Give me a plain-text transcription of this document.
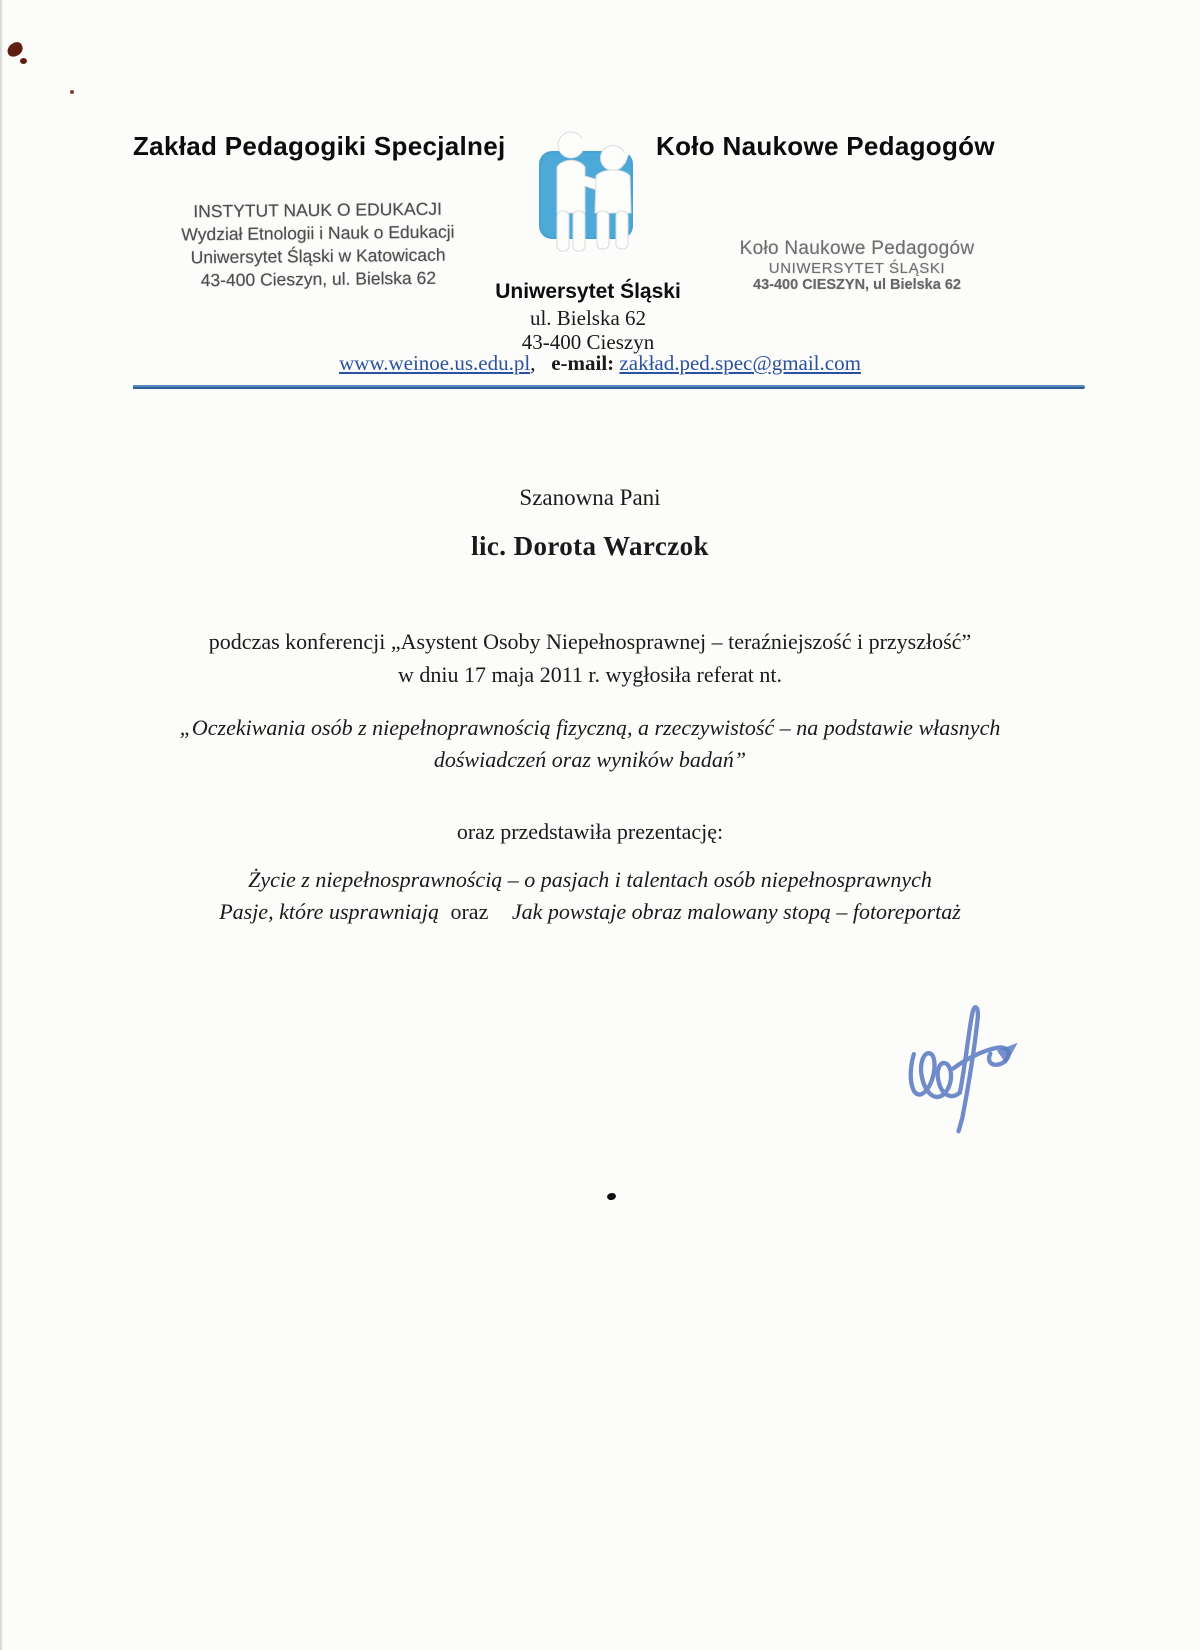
Zakład Pedagogiki Specjalnej	Koło Naukowe Pedagogów
INSTYTUT NAUK O EDUKACJI
Wydział Etnologii i Nauk o Edukacji
Uniwersytet Śląski w Katowicach
43-400 Cieszyn, ul. Bielska 62
Koło Naukowe Pedagogów
UNIWERSYTET ŚLĄSKI
43-400 CIESZYN, ul Bielska 62
Uniwersytet Śląski
ul. Bielska 62
43-400 Cieszyn
www.weinoe.us.edu.pl, e-mail: zakład.ped.spec@gmail.com
Szanowna Pani
lic. Dorota Warczok
podczas konferencji „Asystent Osoby Niepełnosprawnej – teraźniejszość i przyszłość”
w dniu 17 maja 2011 r. wygłosiła referat nt.
„Oczekiwania osób z niepełnoprawnością fizyczną, a rzeczywistość – na podstawie własnych
doświadczeń oraz wyników badań”
oraz przedstawiła prezentację:
Życie z niepełnosprawnością – o pasjach i talentach osób niepełnosprawnych
Pasje, które usprawniają oraz Jak powstaje obraz malowany stopą – fotoreportaż
